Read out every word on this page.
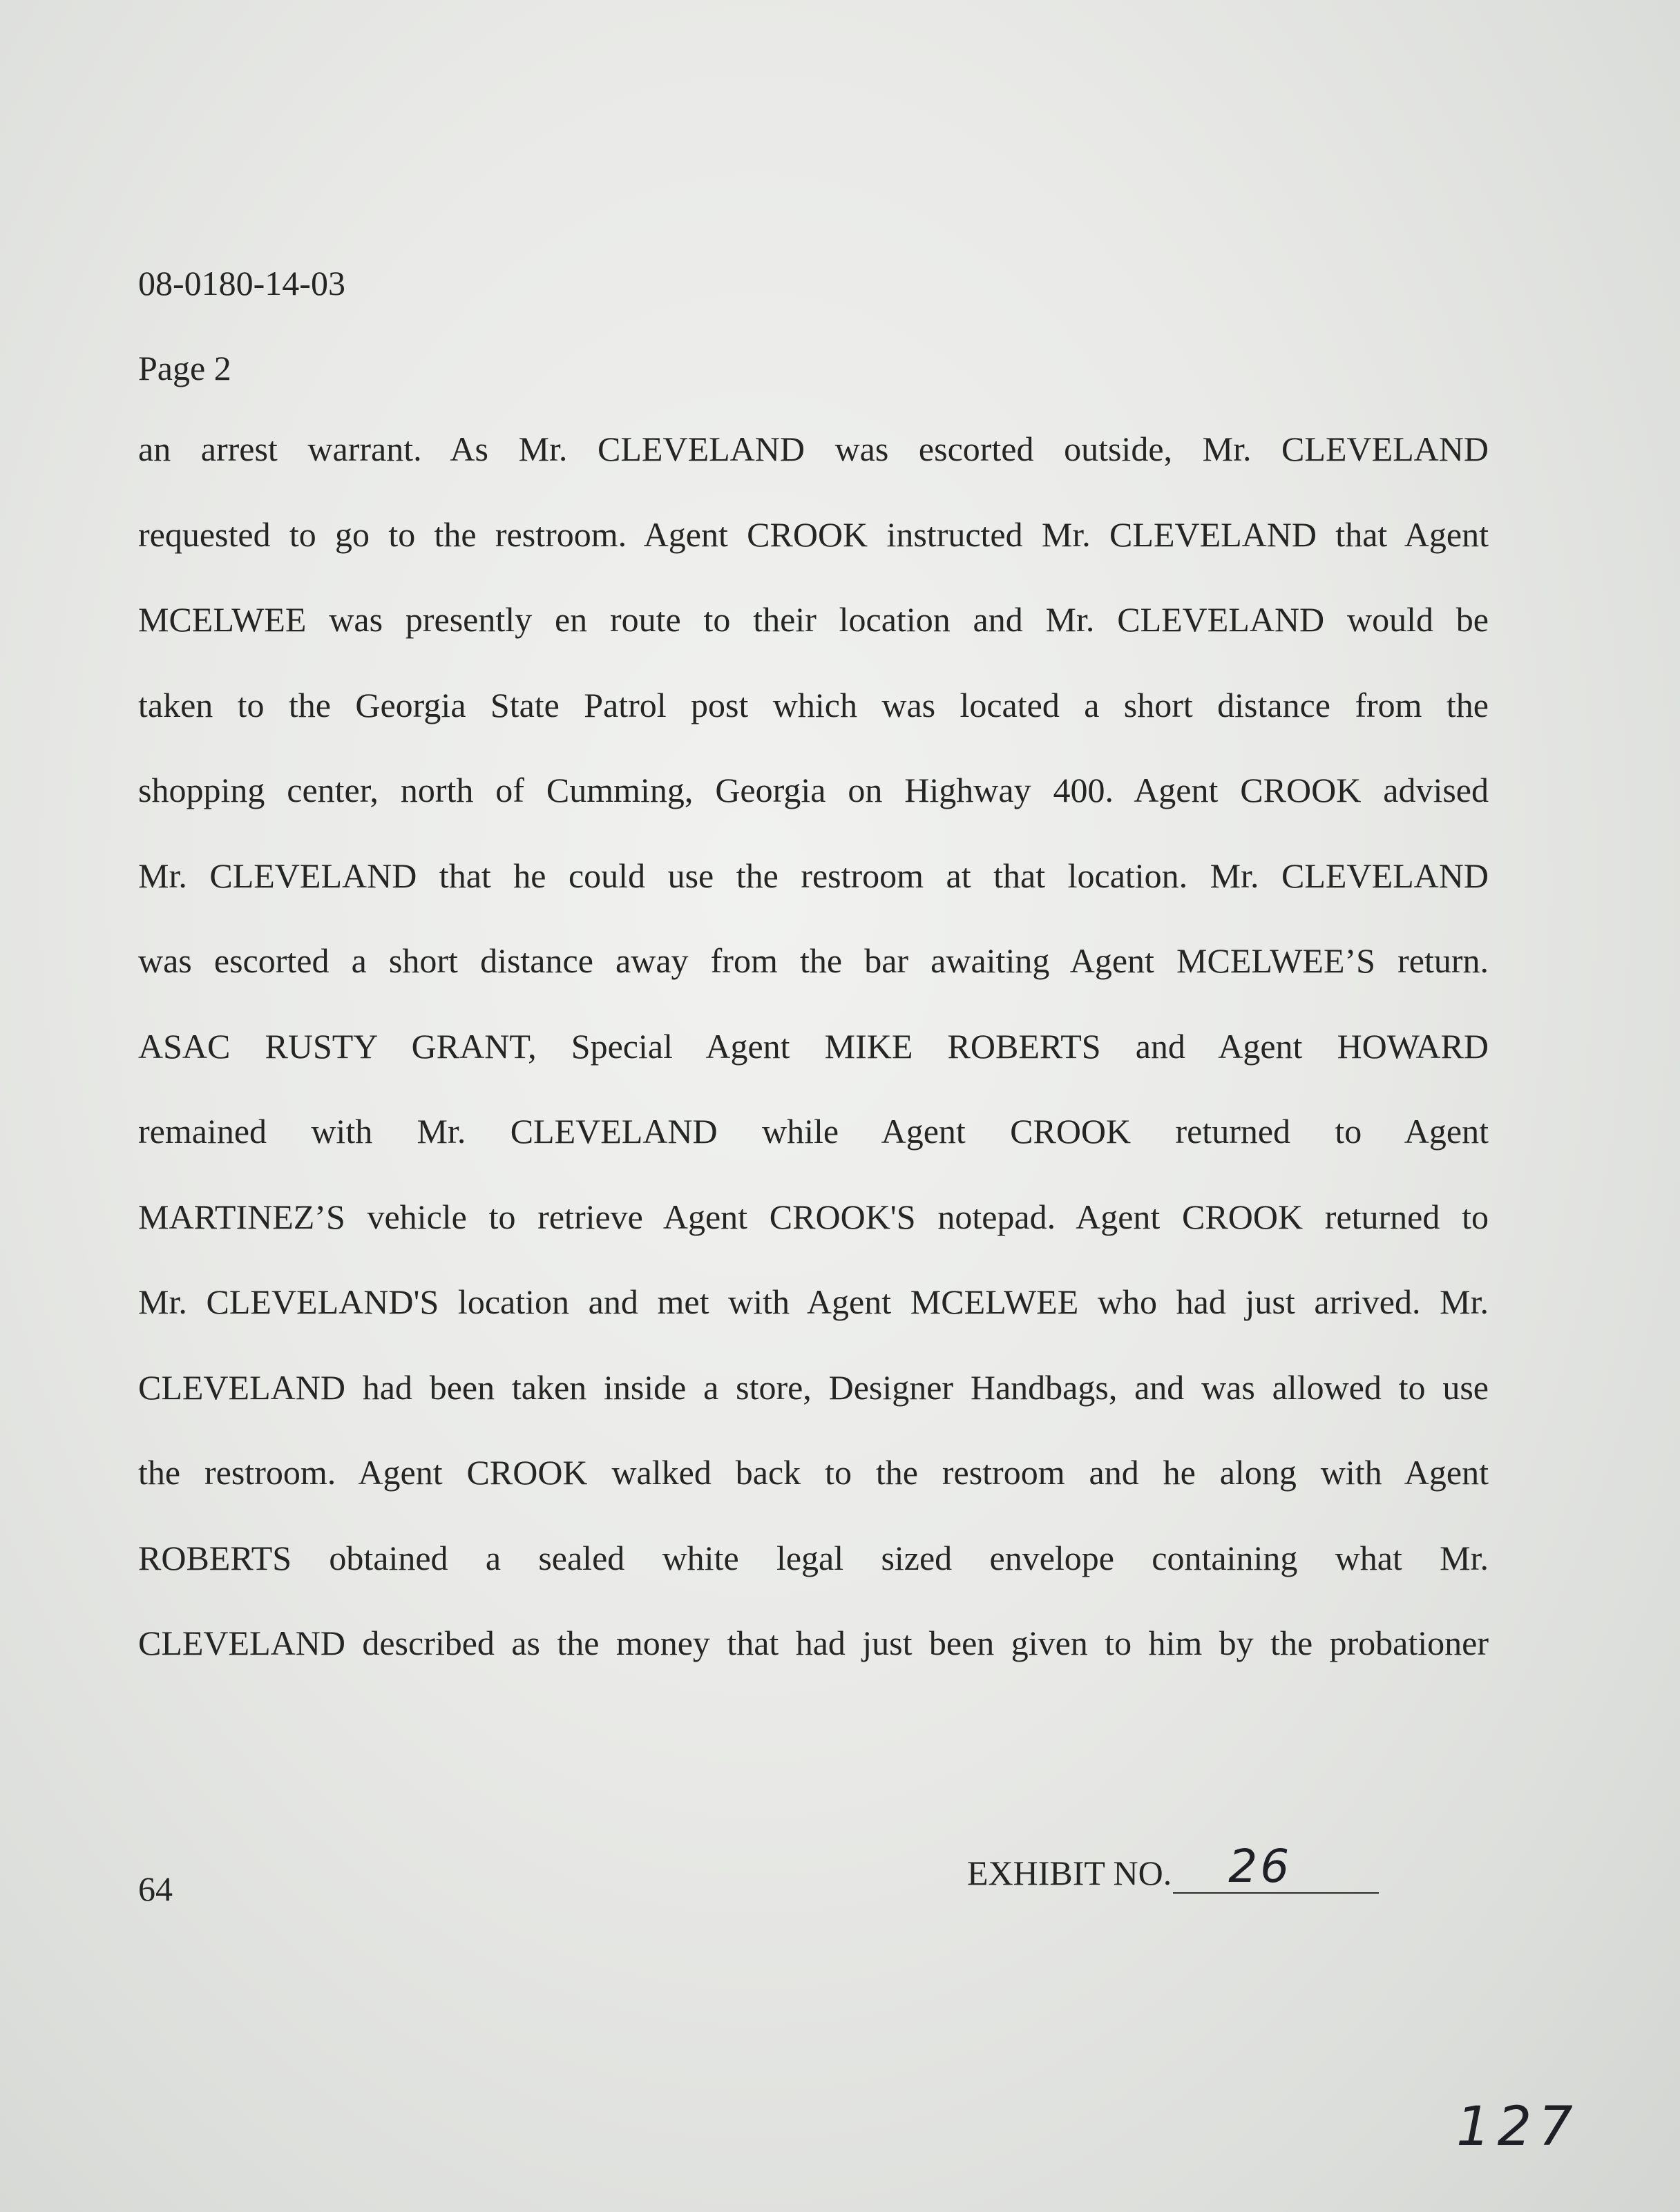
08-0180-14-03
Page 2
an arrest warrant. As Mr. CLEVELAND was escorted outside, Mr. CLEVELAND
requested to go to the restroom. Agent CROOK instructed Mr. CLEVELAND that Agent
MCELWEE was presently en route to their location and Mr. CLEVELAND would be
taken to the Georgia State Patrol post which was located a short distance from the
shopping center, north of Cumming, Georgia on Highway 400. Agent CROOK advised
Mr. CLEVELAND that he could use the restroom at that location. Mr. CLEVELAND
was escorted a short distance away from the bar awaiting Agent MCELWEE’S return.
ASAC RUSTY GRANT, Special Agent MIKE ROBERTS and Agent HOWARD
remained with Mr. CLEVELAND while Agent CROOK returned to Agent
MARTINEZ’S vehicle to retrieve Agent CROOK'S notepad. Agent CROOK returned to
Mr. CLEVELAND'S location and met with Agent MCELWEE who had just arrived. Mr.
CLEVELAND had been taken inside a store, Designer Handbags, and was allowed to use
the restroom. Agent CROOK walked back to the restroom and he along with Agent
ROBERTS obtained a sealed white legal sized envelope containing what Mr.
CLEVELAND described as the money that had just been given to him by the probationer
64	EXHIBIT NO. 26
127
